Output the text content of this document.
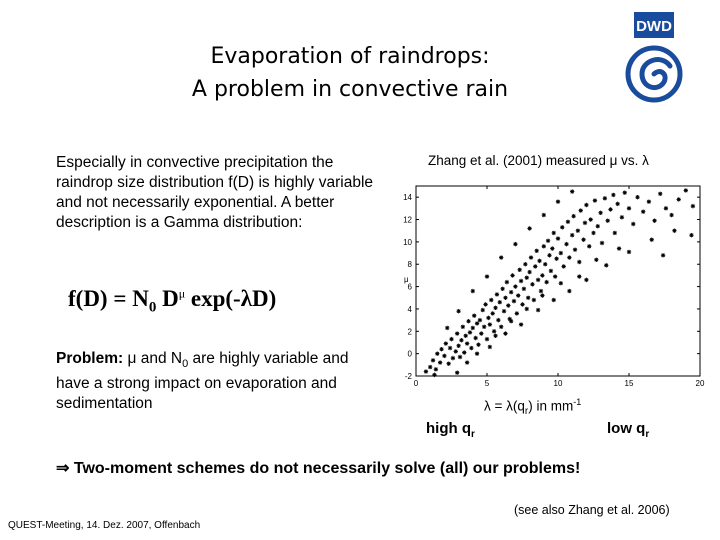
Evaporation of raindrops:
A problem in convective rain
DWD
Especially in convective precipitation the raindrop size distribution f(D) is highly variable and not necessarily exponential. A better description is a Gamma distribution:
$f(D) = N_0$ $D^\mu$ exp(-λD)
Problem: μ and $N_0$ are highly variable and have a strong impact on evaporation and sedimentation
Zhang et al. (2001) measured μ vs. λ
0	5	10	15	20
-2
0
2
4
6
8
10
12
14
μ
$\lambda = \lambda(q_r)$ in $mm^{-1}$
high $q_r$	low $q_r$
⇒ Two-moment schemes do not necessarily solve (all) our problems!
(see also Zhang et al. 2006)
QUEST-Meeting, 14. Dez. 2007, Offenbach
